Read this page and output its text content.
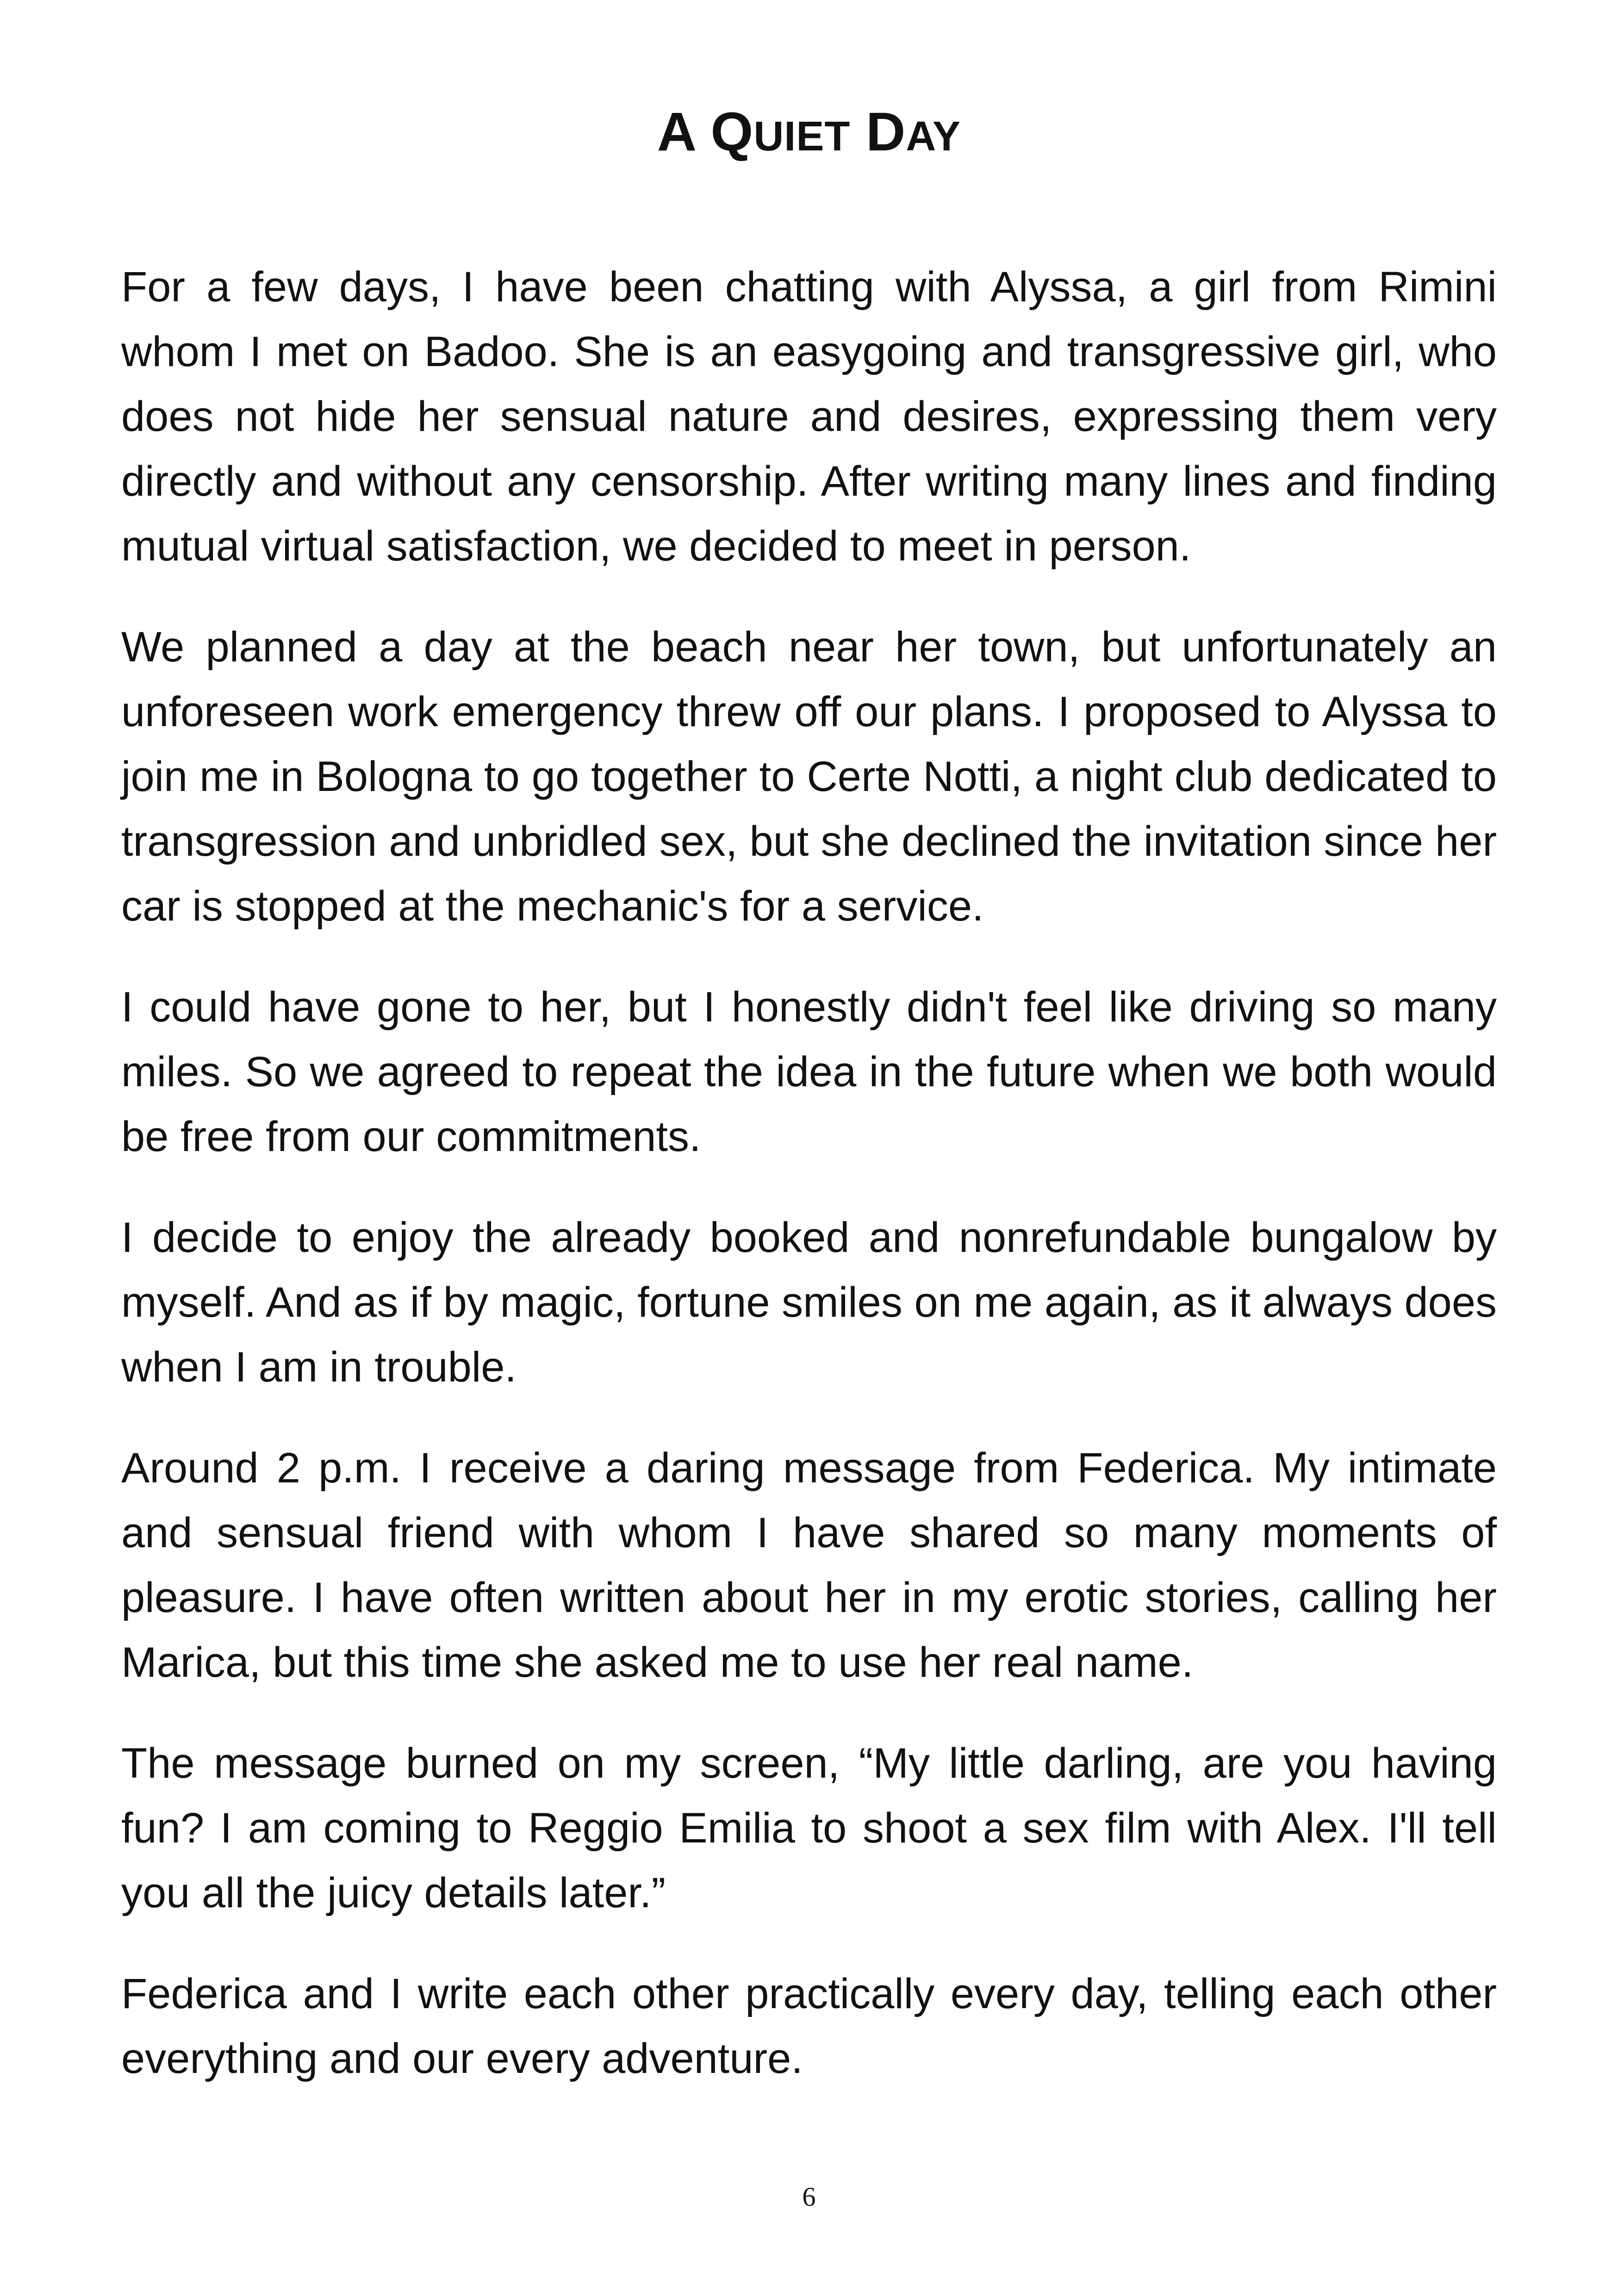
A QUIET DAY

For a few days, I have been chatting with Alyssa, a girl from Rimini whom I met on Badoo. She is an easygoing and transgressive girl, who does not hide her sensual nature and desires, expressing them very directly and without any censorship. After writing many lines and finding mutual virtual satisfaction, we decided to meet in person.

We planned a day at the beach near her town, but unfortunately an unforeseen work emergency threw off our plans. I proposed to Alyssa to join me in Bologna to go together to Certe Notti, a night club dedicated to transgression and unbridled sex, but she declined the invitation since her car is stopped at the mechanic's for a service.

I could have gone to her, but I honestly didn't feel like driving so many miles. So we agreed to repeat the idea in the future when we both would be free from our commitments.

I decide to enjoy the already booked and nonrefundable bungalow by myself. And as if by magic, fortune smiles on me again, as it always does when I am in trouble.

Around 2 p.m. I receive a daring message from Federica. My intimate and sensual friend with whom I have shared so many moments of pleasure. I have often written about her in my erotic stories, calling her Marica, but this time she asked me to use her real name.

The message burned on my screen, “My little darling, are you having fun? I am coming to Reggio Emilia to shoot a sex film with Alex. I'll tell you all the juicy details later.”

Federica and I write each other practically every day, telling each other everything and our every adventure.

6
